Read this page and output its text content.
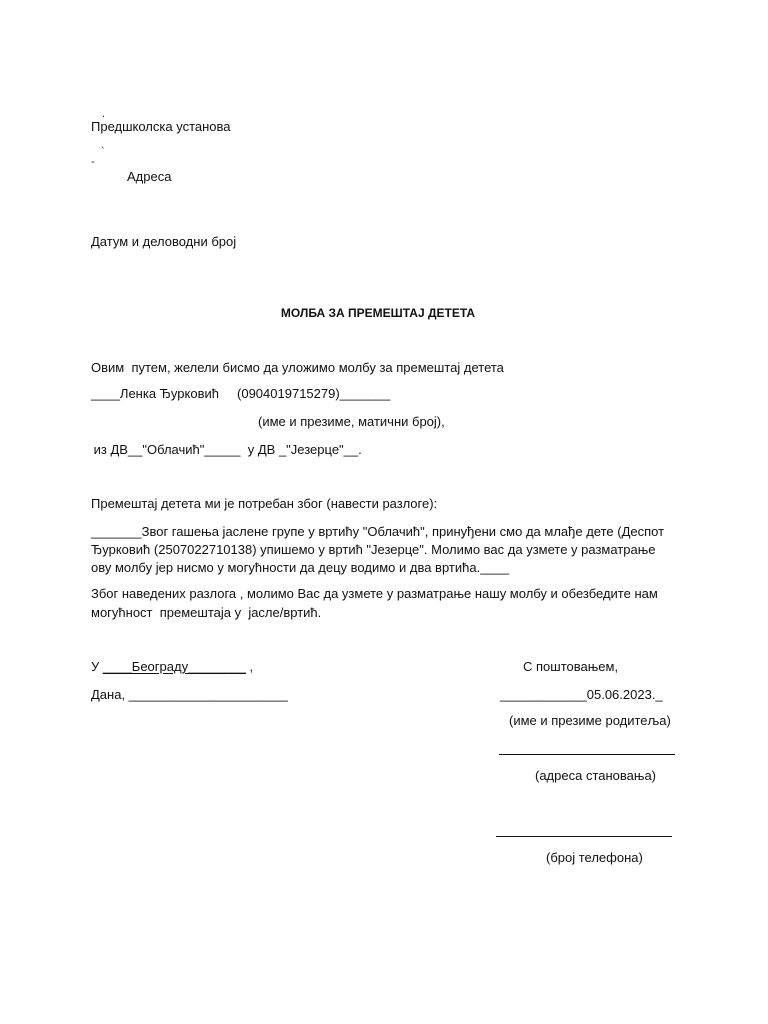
.
`
-
Предшколска установа
Адреса
Датум и деловодни број
МОЛБА ЗА ПРЕМЕШТАЈ ДЕТЕТА
Овим  путем, желели бисмо да уложимо молбу за премештај детета
____Ленка Ђурковић     (0904019715279)_______
(име и презиме, матични број),
из ДВ__"Облачић"_____  у ДВ _"Језерце"__.
Премештај детета ми је потребан због (навести разлоге):
_______Звог гашења јаслене групе у вртићу "Облачић", принуђени смо да млађе дете (Деспот
Ђурковић (2507022710138) упишемо у вртић "Језерце". Молимо вас да узмете у разматрање
ову молбу јер нисмо у могућности да децу водимо и два вртића.____
Због наведених разлога , молимо Вас да узмете у разматрање нашу молбу и обезбедите нам
могућност  премештаја у  јасле/вртић.
У ____Београду________ ,
Дана, ______________________
С поштовањем,
____________05.06.2023._
(име и презиме родитеља)
(адреса становања)
(број телефона)
